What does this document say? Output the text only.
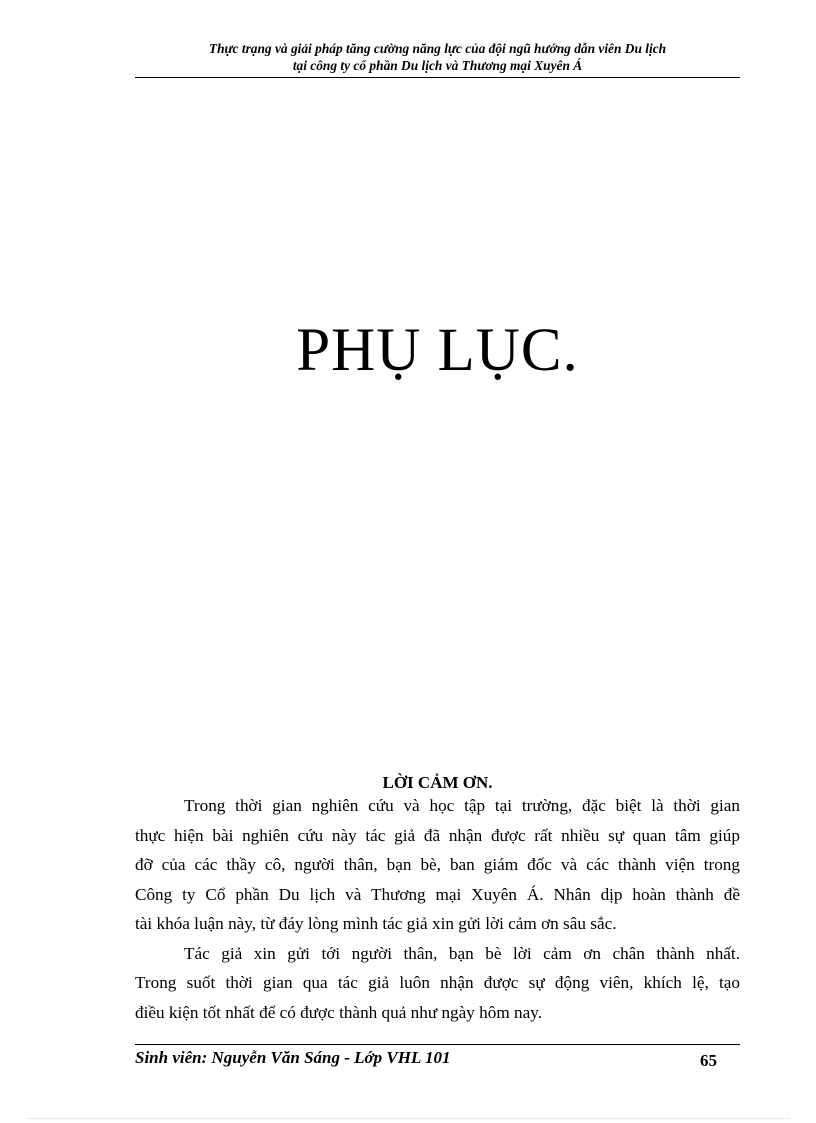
Thực trạng và giải pháp tăng cường năng lực của đội ngũ hướng dẫn viên Du lịch
tại công ty cổ phần Du lịch và Thương mại Xuyên Á
PHỤ LỤC.
LỜI CẢM ƠN.
Trong thời gian nghiên cứu và học tập tại trường, đặc biệt là thời gian
thực hiện bài nghiên cứu này tác giả đã nhận được rất nhiều sự quan tâm giúp
đỡ của các thầy cô, người thân, bạn bè, ban giám đốc và các thành viện trong
Công ty Cổ phần Du lịch và Thương mại Xuyên Á. Nhân dịp hoàn thành đề
tài khóa luận này, từ đáy lòng mình tác giả xin gửi lời cảm ơn sâu sắc.
Tác giả xin gửi tới người thân, bạn bè lời cảm ơn chân thành nhất.
Trong suốt thời gian qua tác giả luôn nhận được sự động viên, khích lệ, tạo
điều kiện tốt nhất để có được thành quả như ngày hôm nay.
Sinh viên: Nguyễn Văn Sáng - Lớp VHL 101	65
